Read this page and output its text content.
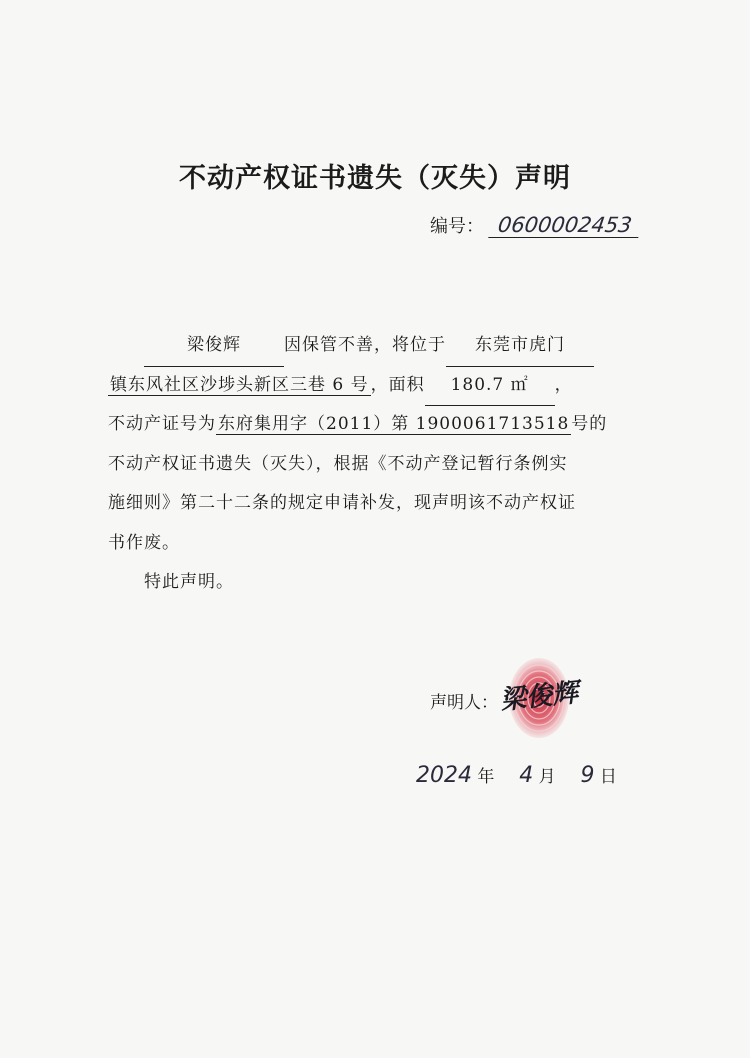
不动产权证书遗失（灭失）声明
编号： 0600002453
梁俊辉	因保管不善，将位于 东莞市虎门
镇东风社区沙埗头新区三巷 6 号 ，面积 180.7 ㎡ ，
不动产证号为 东府集用字（2011）第 1900061713518 号的
不动产权证书遗失（灭失），根据《不动产登记暂行条例实
施细则》第二十二条的规定申请补发，现声明该不动产权证
书作废。
特此声明。
声明人： 梁俊辉
2024 年 4 月 9 日
